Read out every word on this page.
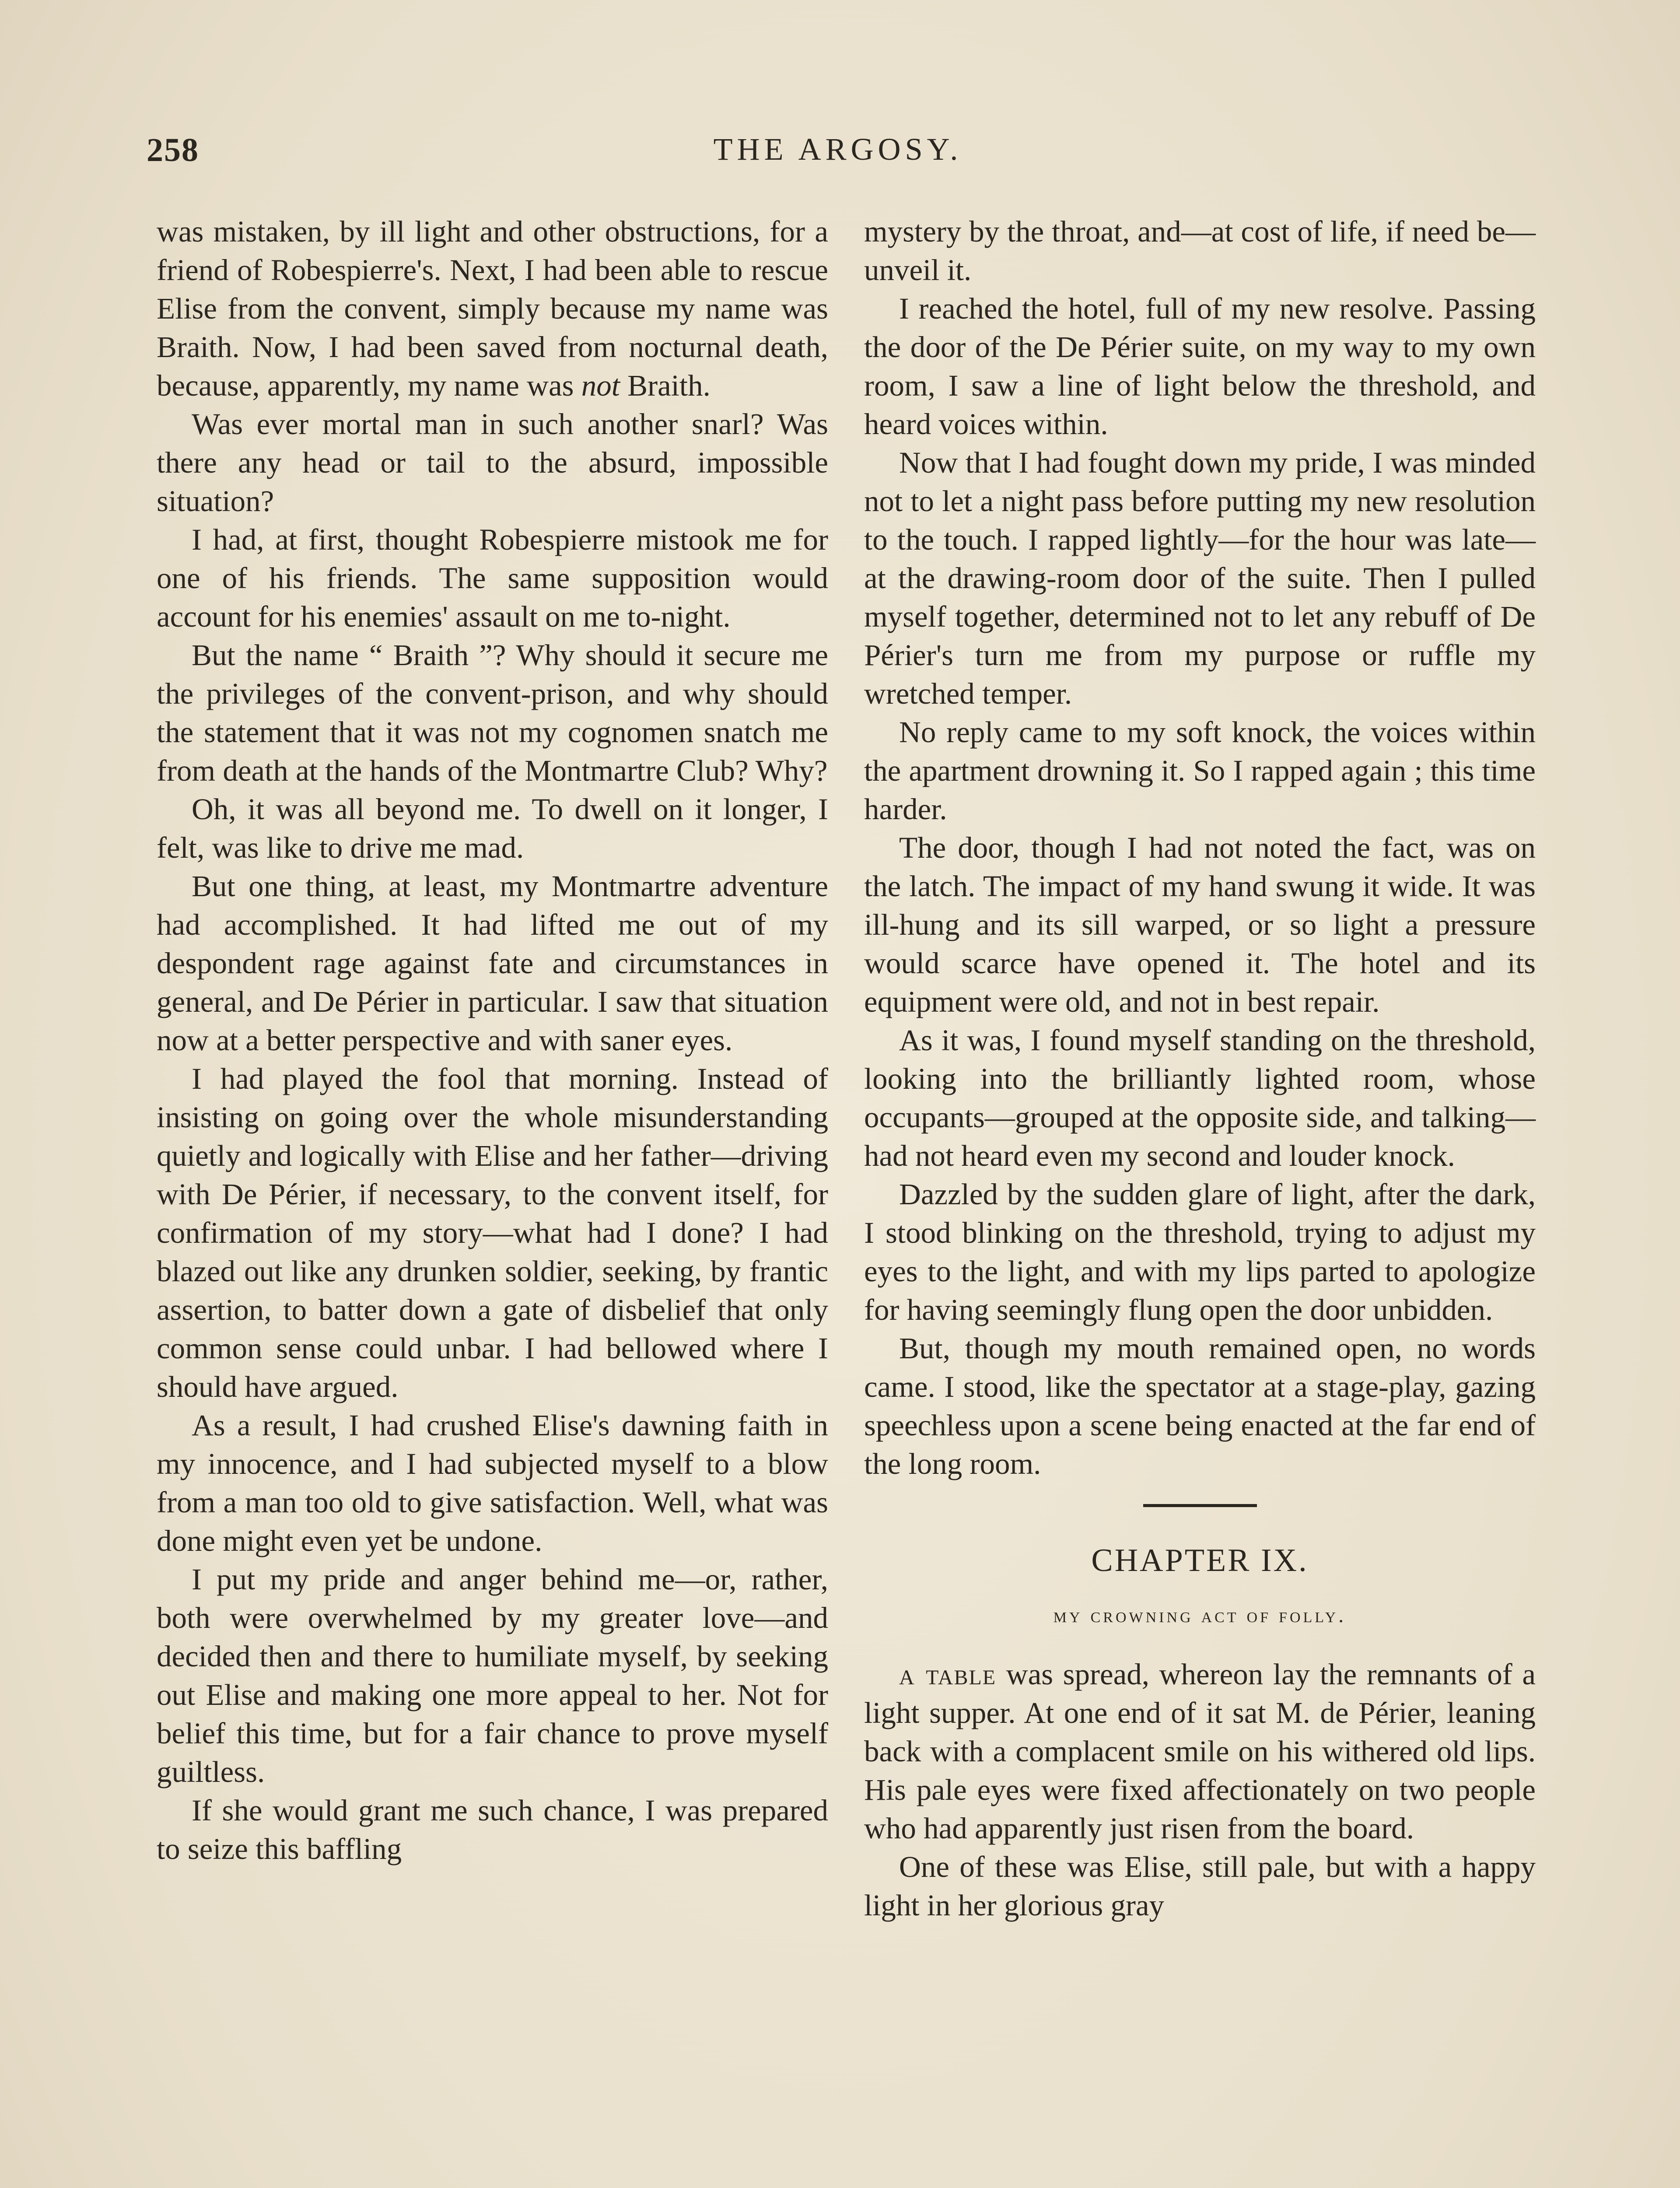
258	THE ARGOSY.

was mistaken, by ill light and other obstructions, for a friend of Robespierre's. Next, I had been able to rescue Elise from the convent, simply because my name was Braith. Now, I had been saved from nocturnal death, because, apparently, my name was not Braith.

Was ever mortal man in such another snarl? Was there any head or tail to the absurd, impossible situation?

I had, at first, thought Robespierre mistook me for one of his friends. The same supposition would account for his enemies' assault on me to-night.

But the name “ Braith ”? Why should it secure me the privileges of the convent-prison, and why should the statement that it was not my cognomen snatch me from death at the hands of the Montmartre Club? Why?

Oh, it was all beyond me. To dwell on it longer, I felt, was like to drive me mad.

But one thing, at least, my Montmartre adventure had accomplished. It had lifted me out of my despondent rage against fate and circumstances in general, and De Périer in particular. I saw that situation now at a better perspective and with saner eyes.

I had played the fool that morning. Instead of insisting on going over the whole misunderstanding quietly and logically with Elise and her father—driving with De Périer, if necessary, to the convent itself, for confirmation of my story—what had I done? I had blazed out like any drunken soldier, seeking, by frantic assertion, to batter down a gate of disbelief that only common sense could unbar. I had bellowed where I should have argued.

As a result, I had crushed Elise's dawning faith in my innocence, and I had subjected myself to a blow from a man too old to give satisfaction. Well, what was done might even yet be undone.

I put my pride and anger behind me—or, rather, both were overwhelmed by my greater love—and decided then and there to humiliate myself, by seeking out Elise and making one more appeal to her. Not for belief this time, but for a fair chance to prove myself guiltless.

If she would grant me such chance, I was prepared to seize this baffling

mystery by the throat, and—at cost of life, if need be—unveil it.

I reached the hotel, full of my new resolve. Passing the door of the De Périer suite, on my way to my own room, I saw a line of light below the threshold, and heard voices within.

Now that I had fought down my pride, I was minded not to let a night pass before putting my new resolution to the touch. I rapped lightly—for the hour was late—at the drawing-room door of the suite. Then I pulled myself together, determined not to let any rebuff of De Périer's turn me from my purpose or ruffle my wretched temper.

No reply came to my soft knock, the voices within the apartment drowning it. So I rapped again ; this time harder.

The door, though I had not noted the fact, was on the latch. The impact of my hand swung it wide. It was ill-hung and its sill warped, or so light a pressure would scarce have opened it. The hotel and its equipment were old, and not in best repair.

As it was, I found myself standing on the threshold, looking into the brilliantly lighted room, whose occupants—grouped at the opposite side, and talking—had not heard even my second and louder knock.

Dazzled by the sudden glare of light, after the dark, I stood blinking on the threshold, trying to adjust my eyes to the light, and with my lips parted to apologize for having seemingly flung open the door unbidden.

But, though my mouth remained open, no words came. I stood, like the spectator at a stage-play, gazing speechless upon a scene being enacted at the far end of the long room.

CHAPTER IX.
my crowning act of folly.

a table was spread, whereon lay the remnants of a light supper. At one end of it sat M. de Périer, leaning back with a complacent smile on his withered old lips. His pale eyes were fixed affectionately on two people who had apparently just risen from the board.

One of these was Elise, still pale, but with a happy light in her glorious gray
